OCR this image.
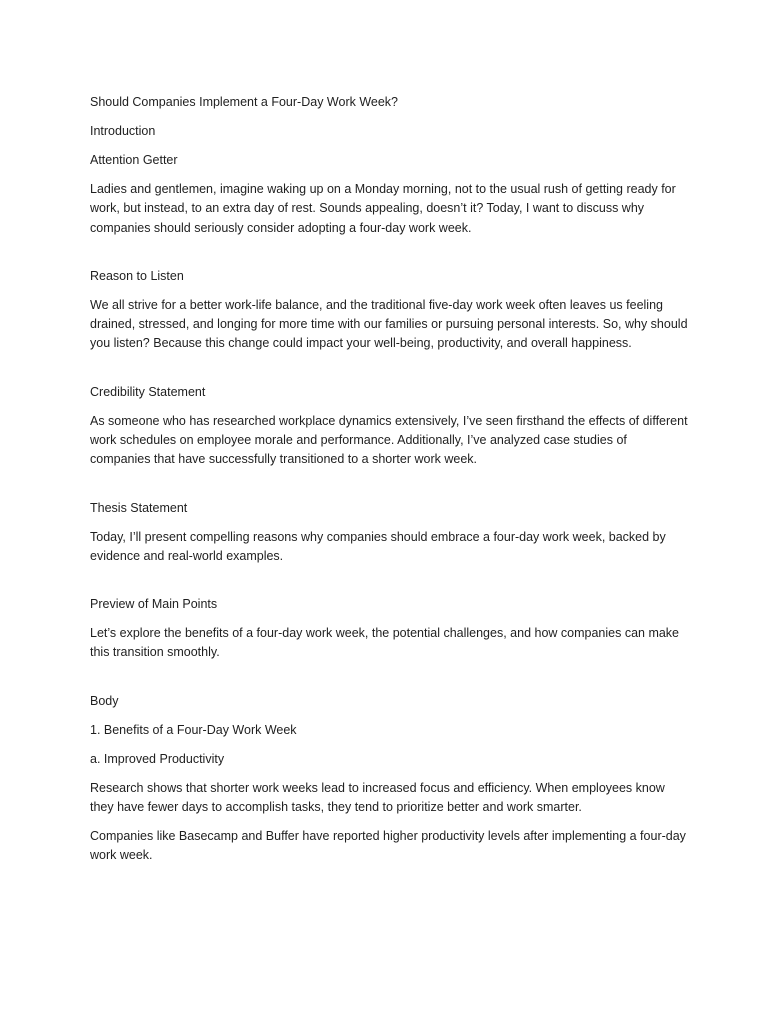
Should Companies Implement a Four-Day Work Week?

Introduction

Attention Getter

Ladies and gentlemen, imagine waking up on a Monday morning, not to the usual rush of getting ready for work, but instead, to an extra day of rest. Sounds appealing, doesn’t it? Today, I want to discuss why companies should seriously consider adopting a four-day work week.

Reason to Listen

We all strive for a better work-life balance, and the traditional five-day work week often leaves us feeling drained, stressed, and longing for more time with our families or pursuing personal interests. So, why should you listen? Because this change could impact your well-being, productivity, and overall happiness.

Credibility Statement

As someone who has researched workplace dynamics extensively, I’ve seen firsthand the effects of different work schedules on employee morale and performance. Additionally, I’ve analyzed case studies of companies that have successfully transitioned to a shorter work week.

Thesis Statement

Today, I’ll present compelling reasons why companies should embrace a four-day work week, backed by evidence and real-world examples.

Preview of Main Points

Let’s explore the benefits of a four-day work week, the potential challenges, and how companies can make this transition smoothly.

Body

1. Benefits of a Four-Day Work Week

a. Improved Productivity

Research shows that shorter work weeks lead to increased focus and efficiency. When employees know they have fewer days to accomplish tasks, they tend to prioritize better and work smarter.

Companies like Basecamp and Buffer have reported higher productivity levels after implementing a four-day work week.
